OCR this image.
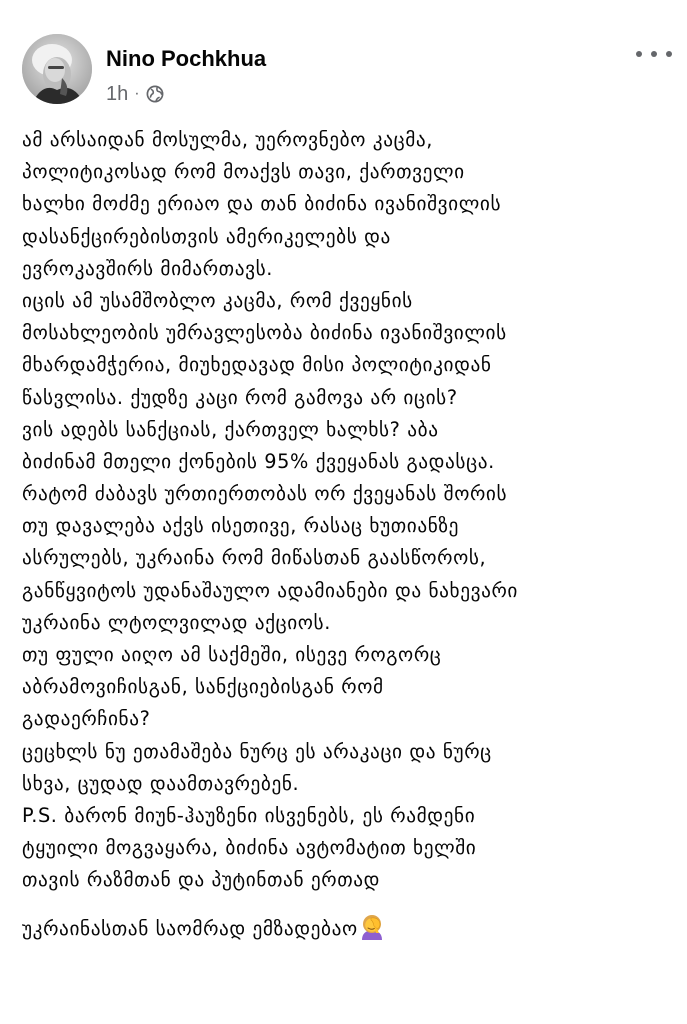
Nino Pochkhua
1h ·
ამ არსაიდან მოსულმა, უეროვნებო კაცმა,
პოლიტიკოსად რომ მოაქვს თავი, ქართველი
ხალხი მოძმე ერიაო და თან ბიძინა ივანიშვილის
დასანქცირებისთვის ამერიკელებს და
ევროკავშირს მიმართავს.
იცის ამ უსამშობლო კაცმა, რომ ქვეყნის
მოსახლეობის უმრავლესობა ბიძინა ივანიშვილის
მხარდამჭერია, მიუხედავად მისი პოლიტიკიდან
წასვლისა. ქუდზე კაცი რომ გამოვა არ იცის?
ვის ადებს სანქციას, ქართველ ხალხს? აბა
ბიძინამ მთელი ქონების 95% ქვეყანას გადასცა.
რატომ ძაბავს ურთიერთობას ორ ქვეყანას შორის
თუ დავალება აქვს ისეთივე, რასაც ხუთიანზე
ასრულებს, უკრაინა რომ მიწასთან გაასწოროს,
განწყვიტოს უდანაშაულო ადამიანები და ნახევარი
უკრაინა ლტოლვილად აქციოს.
თუ ფული აიღო ამ საქმეში, ისევე როგორც
აბრამოვიჩისგან, სანქციებისგან რომ
გადაერჩინა?
ცეცხლს ნუ ეთამაშება ნურც ეს არაკაცი და ნურც
სხვა, ცუდად დაამთავრებენ.
P.S. ბარონ მიუნ-ჰაუზენი ისვენებს, ეს რამდენი
ტყუილი მოგვაყარა, ბიძინა ავტომატით ხელში
თავის რაზმთან და პუტინთან ერთად
უკრაინასთან საომრად ემზადებაო
